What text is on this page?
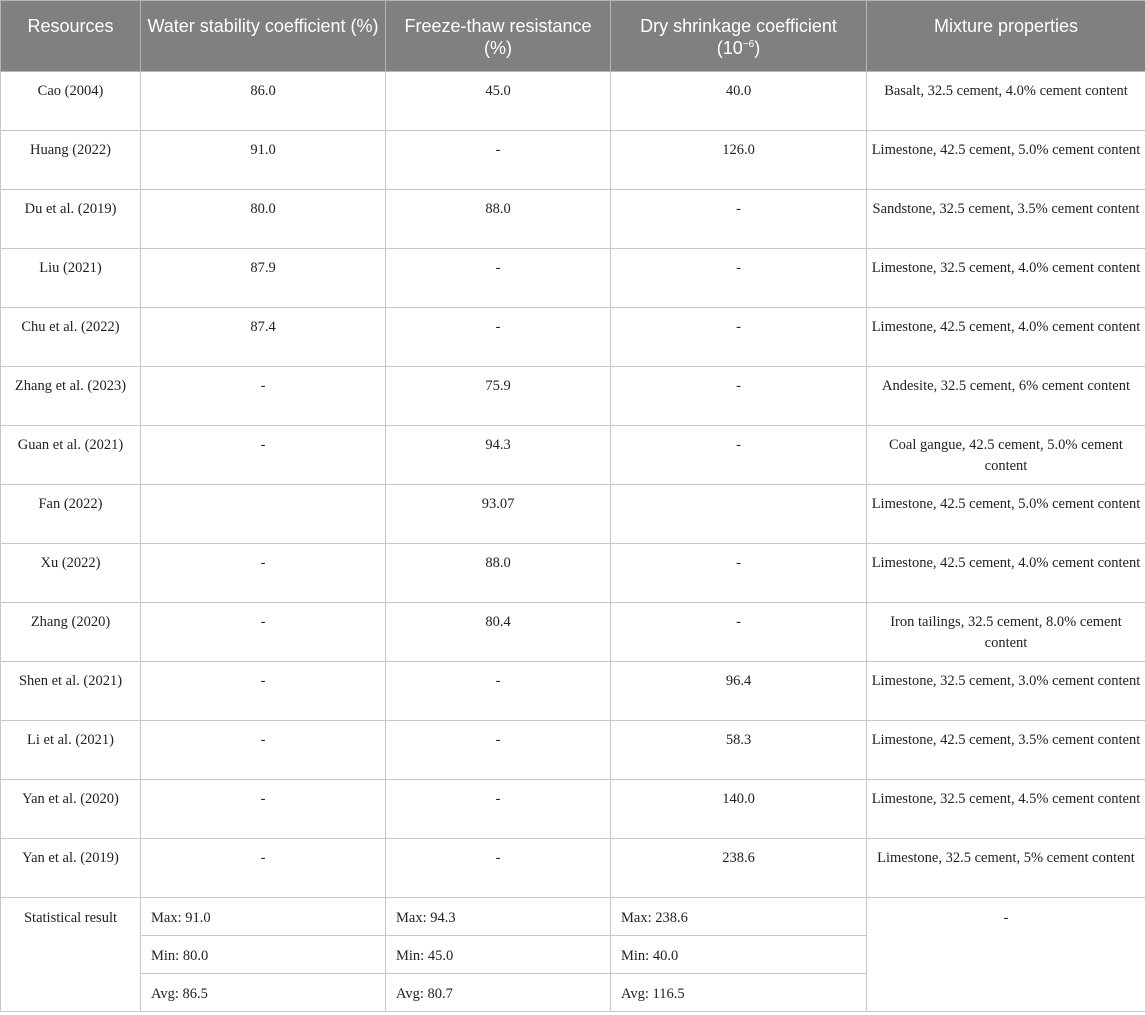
Resources	Water stability coefficient (%)	Freeze-thaw resistance (%)	Dry shrinkage coefficient $(10^{-6})$	Mixture properties
Cao (2004)	86.0	45.0	40.0	Basalt, 32.5 cement, 4.0% cement content
Huang (2022)	91.0	-	126.0	Limestone, 42.5 cement, 5.0% cement content
Du et al. (2019)	80.0	88.0	-	Sandstone, 32.5 cement, 3.5% cement content
Liu (2021)	87.9	-	-	Limestone, 32.5 cement, 4.0% cement content
Chu et al. (2022)	87.4	-	-	Limestone, 42.5 cement, 4.0% cement content
Zhang et al. (2023)	-	75.9	-	Andesite, 32.5 cement, 6% cement content
Guan et al. (2021)	-	94.3	-	Coal gangue, 42.5 cement, 5.0% cement content
Fan (2022)		93.07		Limestone, 42.5 cement, 5.0% cement content
Xu (2022)	-	88.0	-	Limestone, 42.5 cement, 4.0% cement content
Zhang (2020)	-	80.4	-	Iron tailings, 32.5 cement, 8.0% cement content
Shen et al. (2021)	-	-	96.4	Limestone, 32.5 cement, 3.0% cement content
Li et al. (2021)	-	-	58.3	Limestone, 42.5 cement, 3.5% cement content
Yan et al. (2020)	-	-	140.0	Limestone, 32.5 cement, 4.5% cement content
Yan et al. (2019)	-	-	238.6	Limestone, 32.5 cement, 5% cement content
Statistical result	Max: 91.0	Max: 94.3	Max: 238.6	-
	Min: 80.0	Min: 45.0	Min: 40.0	
	Avg: 86.5	Avg: 80.7	Avg: 116.5	
